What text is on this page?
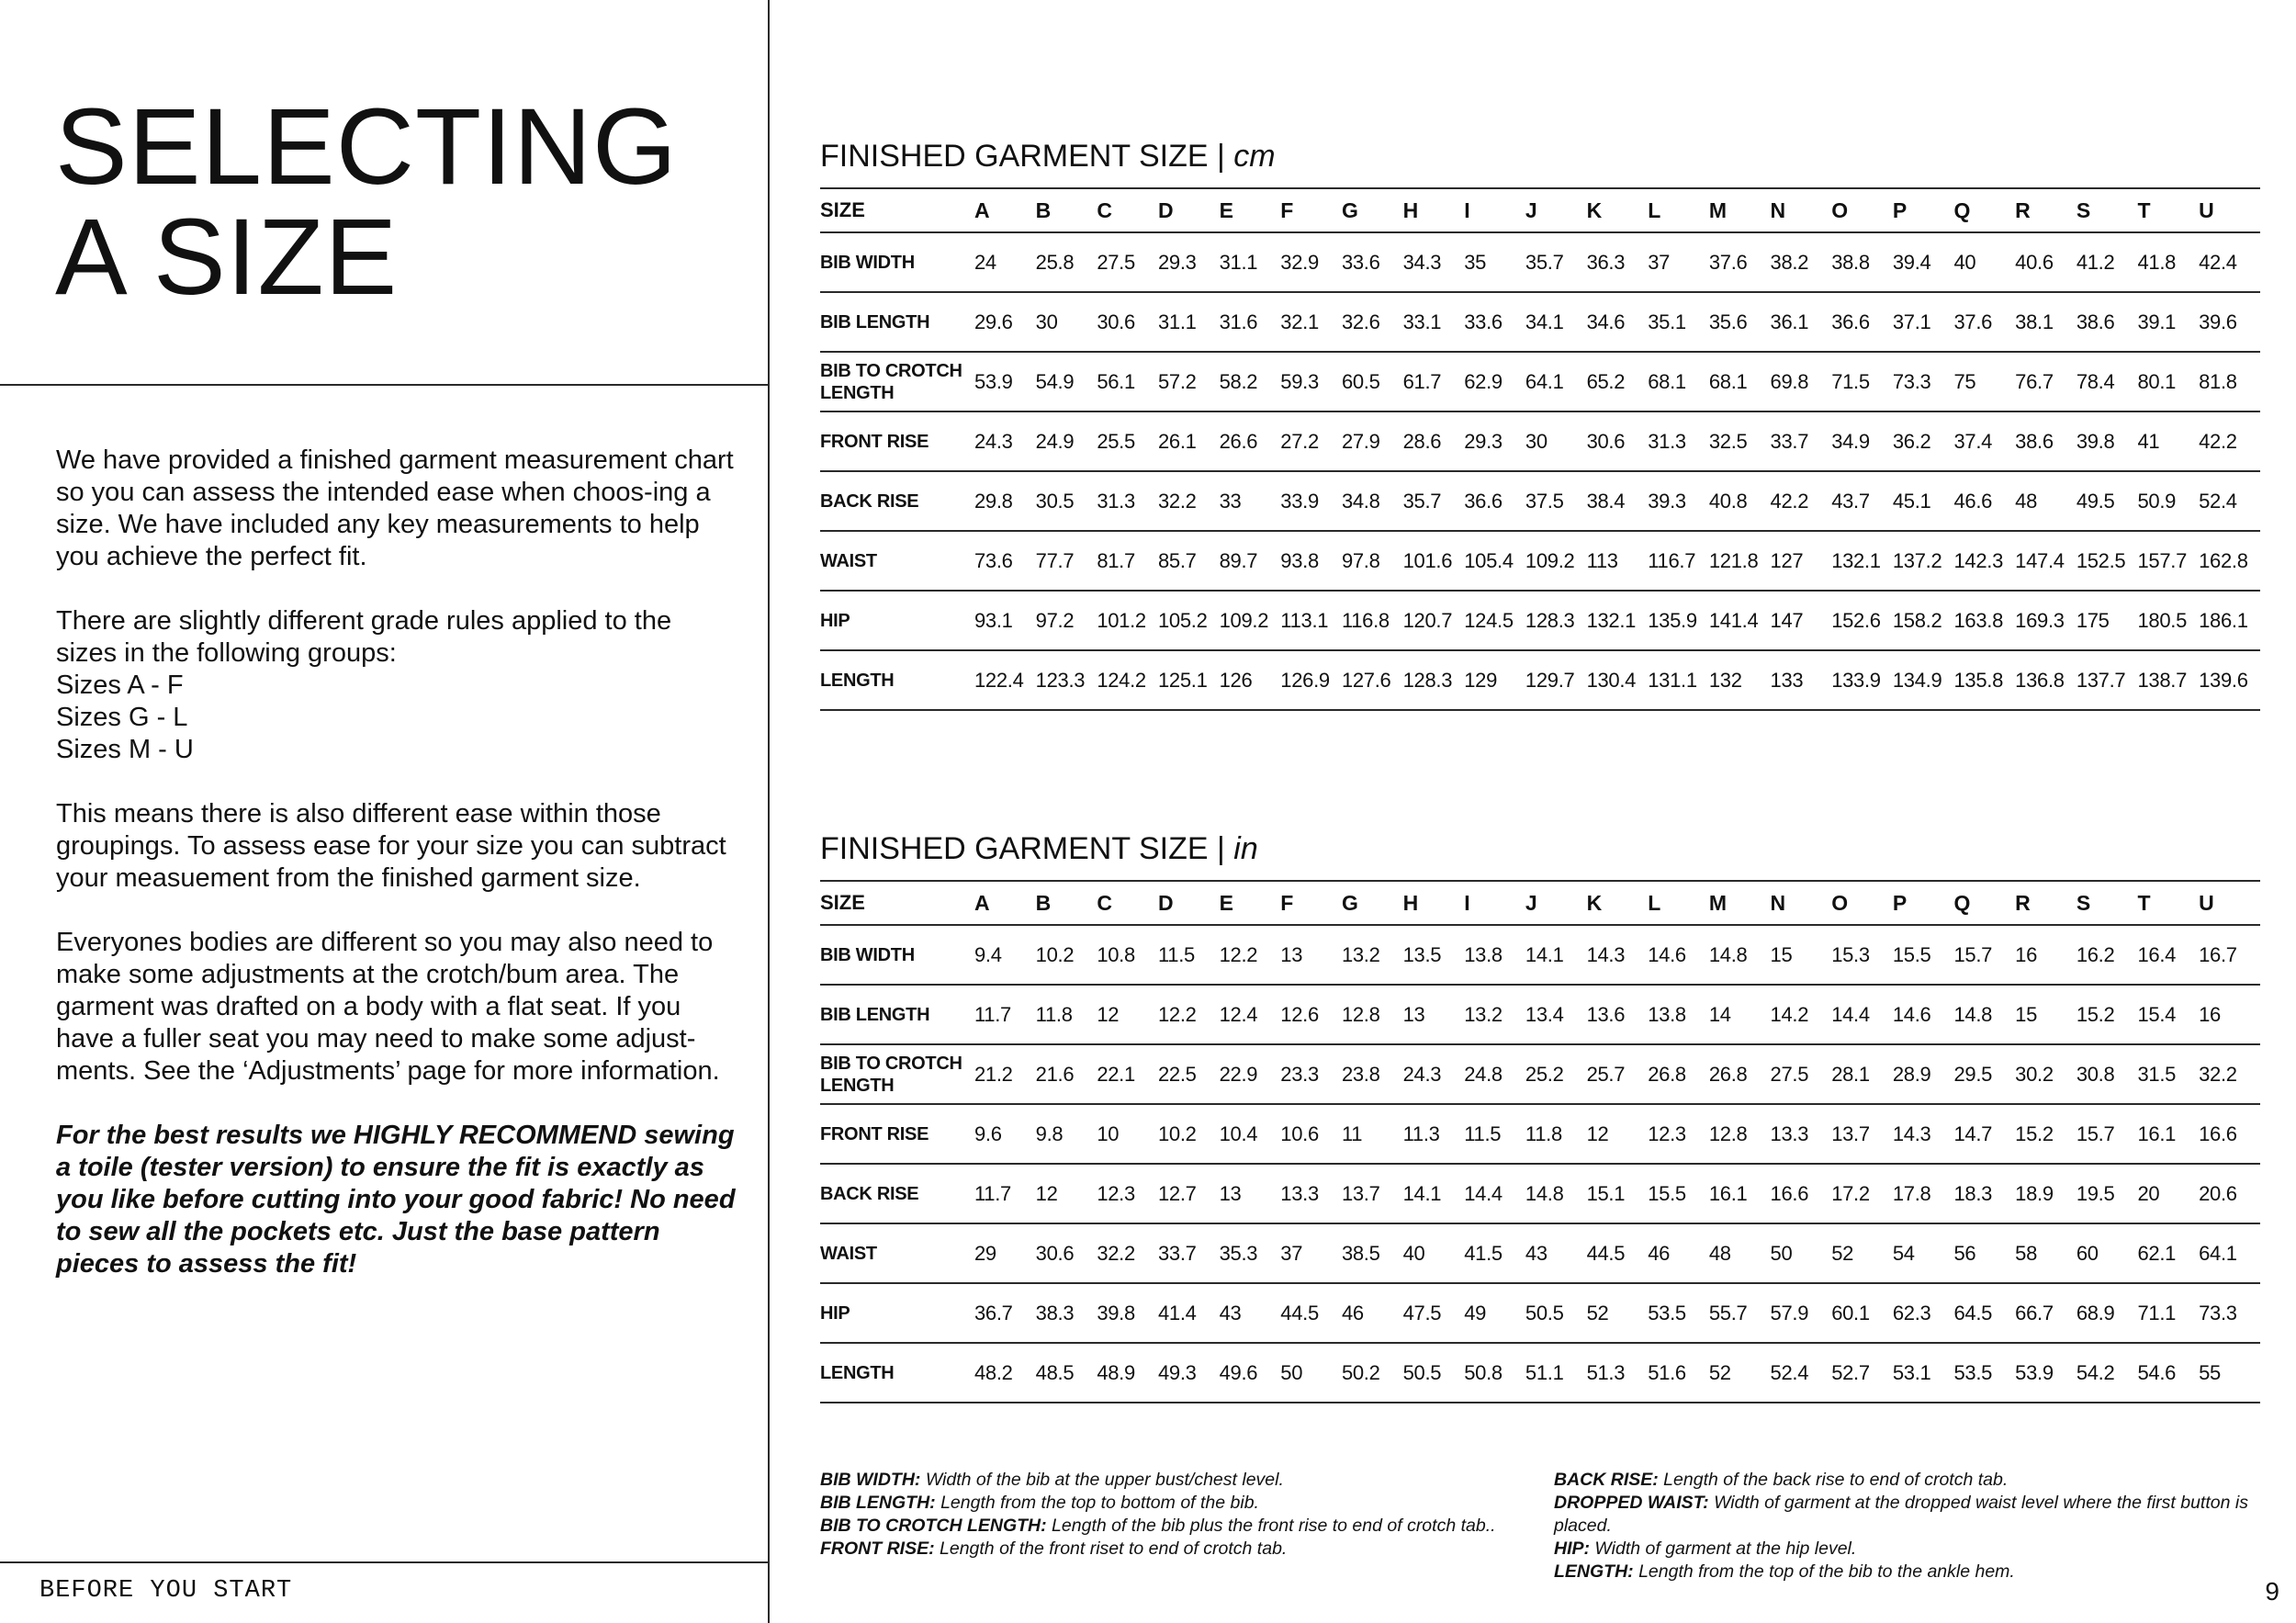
SELECTING
A SIZE

We have provided a finished garment measurement chart so you can assess the intended ease when choos-ing a size. We have included any key measurements to help you achieve the perfect fit.

There are slightly different grade rules applied to the sizes in the following groups:
Sizes A - F
Sizes G - L
Sizes M - U

This means there is also different ease within those groupings. To assess ease for your size you can subtract your measuement from the finished garment size.

Everyones bodies are different so you may also need to make some adjustments at the crotch/bum area. The garment was drafted on a body with a flat seat. If you have a fuller seat you may need to make some adjust-ments. See the ‘Adjustments’ page for more information.

For the best results we HIGHLY RECOMMEND sewing a toile (tester version) to ensure the fit is exactly as you like before cutting into your good fabric! No need to sew all the pockets etc. Just the base pattern pieces to assess the fit!

BEFORE YOU START	9
FINISHED GARMENT SIZE | cm
SIZE	A	B	C	D	E	F	G	H	I	J	K	L	M	N	O	P	Q	R	S	T	U
BIB WIDTH	24	25.8	27.5	29.3	31.1	32.9	33.6	34.3	35	35.7	36.3	37	37.6	38.2	38.8	39.4	40	40.6	41.2	41.8	42.4
BIB LENGTH	29.6	30	30.6	31.1	31.6	32.1	32.6	33.1	33.6	34.1	34.6	35.1	35.6	36.1	36.6	37.1	37.6	38.1	38.6	39.1	39.6
BIB TO CROTCH LENGTH	53.9	54.9	56.1	57.2	58.2	59.3	60.5	61.7	62.9	64.1	65.2	68.1	68.1	69.8	71.5	73.3	75	76.7	78.4	80.1	81.8
FRONT RISE	24.3	24.9	25.5	26.1	26.6	27.2	27.9	28.6	29.3	30	30.6	31.3	32.5	33.7	34.9	36.2	37.4	38.6	39.8	41	42.2
BACK RISE	29.8	30.5	31.3	32.2	33	33.9	34.8	35.7	36.6	37.5	38.4	39.3	40.8	42.2	43.7	45.1	46.6	48	49.5	50.9	52.4
WAIST	73.6	77.7	81.7	85.7	89.7	93.8	97.8	101.6	105.4	109.2	113	116.7	121.8	127	132.1	137.2	142.3	147.4	152.5	157.7	162.8
HIP	93.1	97.2	101.2	105.2	109.2	113.1	116.8	120.7	124.5	128.3	132.1	135.9	141.4	147	152.6	158.2	163.8	169.3	175	180.5	186.1
LENGTH	122.4	123.3	124.2	125.1	126	126.9	127.6	128.3	129	129.7	130.4	131.1	132	133	133.9	134.9	135.8	136.8	137.7	138.7	139.6
FINISHED GARMENT SIZE | in
SIZE	A	B	C	D	E	F	G	H	I	J	K	L	M	N	O	P	Q	R	S	T	U
BIB WIDTH	9.4	10.2	10.8	11.5	12.2	13	13.2	13.5	13.8	14.1	14.3	14.6	14.8	15	15.3	15.5	15.7	16	16.2	16.4	16.7
BIB LENGTH	11.7	11.8	12	12.2	12.4	12.6	12.8	13	13.2	13.4	13.6	13.8	14	14.2	14.4	14.6	14.8	15	15.2	15.4	16
BIB TO CROTCH LENGTH	21.2	21.6	22.1	22.5	22.9	23.3	23.8	24.3	24.8	25.2	25.7	26.8	26.8	27.5	28.1	28.9	29.5	30.2	30.8	31.5	32.2
FRONT RISE	9.6	9.8	10	10.2	10.4	10.6	11	11.3	11.5	11.8	12	12.3	12.8	13.3	13.7	14.3	14.7	15.2	15.7	16.1	16.6
BACK RISE	11.7	12	12.3	12.7	13	13.3	13.7	14.1	14.4	14.8	15.1	15.5	16.1	16.6	17.2	17.8	18.3	18.9	19.5	20	20.6
WAIST	29	30.6	32.2	33.7	35.3	37	38.5	40	41.5	43	44.5	46	48	50	52	54	56	58	60	62.1	64.1
HIP	36.7	38.3	39.8	41.4	43	44.5	46	47.5	49	50.5	52	53.5	55.7	57.9	60.1	62.3	64.5	66.7	68.9	71.1	73.3
LENGTH	48.2	48.5	48.9	49.3	49.6	50	50.2	50.5	50.8	51.1	51.3	51.6	52	52.4	52.7	53.1	53.5	53.9	54.2	54.6	55
BIB WIDTH: Width of the bib at the upper bust/chest level.
BIB LENGTH: Length from the top to bottom of the bib.
BIB TO CROTCH LENGTH: Length of the bib plus the front rise to end of crotch tab..
FRONT RISE: Length of the front riset to end of crotch tab.
BACK RISE: Length of the back rise to end of crotch tab.
DROPPED WAIST: Width of garment at the dropped waist level where the first button is placed.
HIP: Width of garment at the hip level.
LENGTH: Length from the top of the bib to the ankle hem.
